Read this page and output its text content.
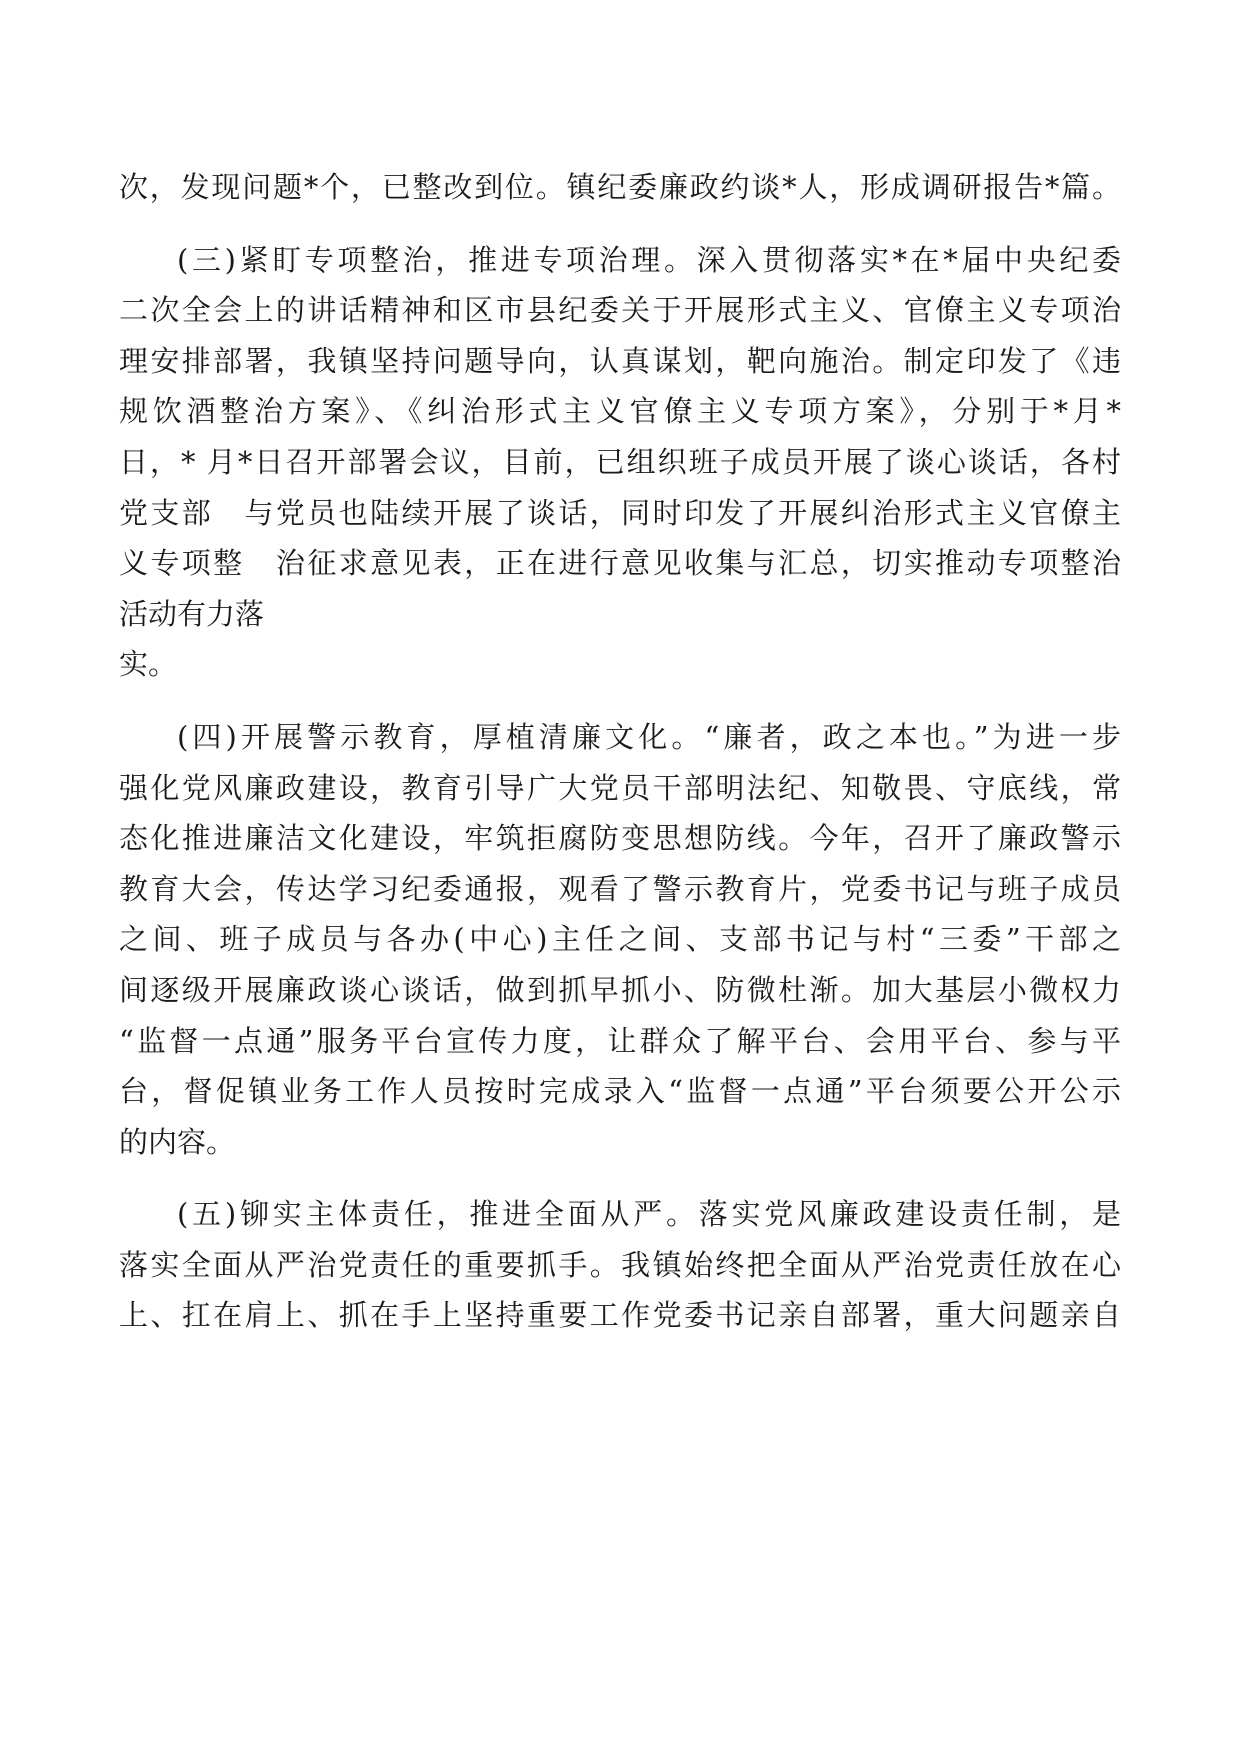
次，发现问题*个，已整改到位。镇纪委廉政约谈*人，形成调研报告*篇。
(三)紧盯专项整治，推进专项治理。深入贯彻落实*在*届中央纪委
二次全会上的讲话精神和区市县纪委关于开展形式主义、官僚主义专项治
理安排部署，我镇坚持问题导向，认真谋划，靶向施治。制定印发了《违
规饮酒整治方案》、《纠治形式主义官僚主义专项方案》，分别于*月*
日，* 月*日召开部署会议，目前，已组织班子成员开展了谈心谈话，各村
党支部　与党员也陆续开展了谈话，同时印发了开展纠治形式主义官僚主
义专项整　治征求意见表，正在进行意见收集与汇总，切实推动专项整治
活动有力落
实。
(四)开展警示教育，厚植清廉文化。“廉者，政之本也。”为进一步
强化党风廉政建设，教育引导广大党员干部明法纪、知敬畏、守底线，常
态化推进廉洁文化建设，牢筑拒腐防变思想防线。今年，召开了廉政警示
教育大会，传达学习纪委通报，观看了警示教育片，党委书记与班子成员
之间、班子成员与各办(中心)主任之间、支部书记与村“三委”干部之
间逐级开展廉政谈心谈话，做到抓早抓小、防微杜渐。加大基层小微权力
“监督一点通”服务平台宣传力度，让群众了解平台、会用平台、参与平
台，督促镇业务工作人员按时完成录入“监督一点通”平台须要公开公示
的内容。
(五)铆实主体责任，推进全面从严。落实党风廉政建设责任制，是
落实全面从严治党责任的重要抓手。我镇始终把全面从严治党责任放在心
上、扛在肩上、抓在手上坚持重要工作党委书记亲自部署，重大问题亲自
